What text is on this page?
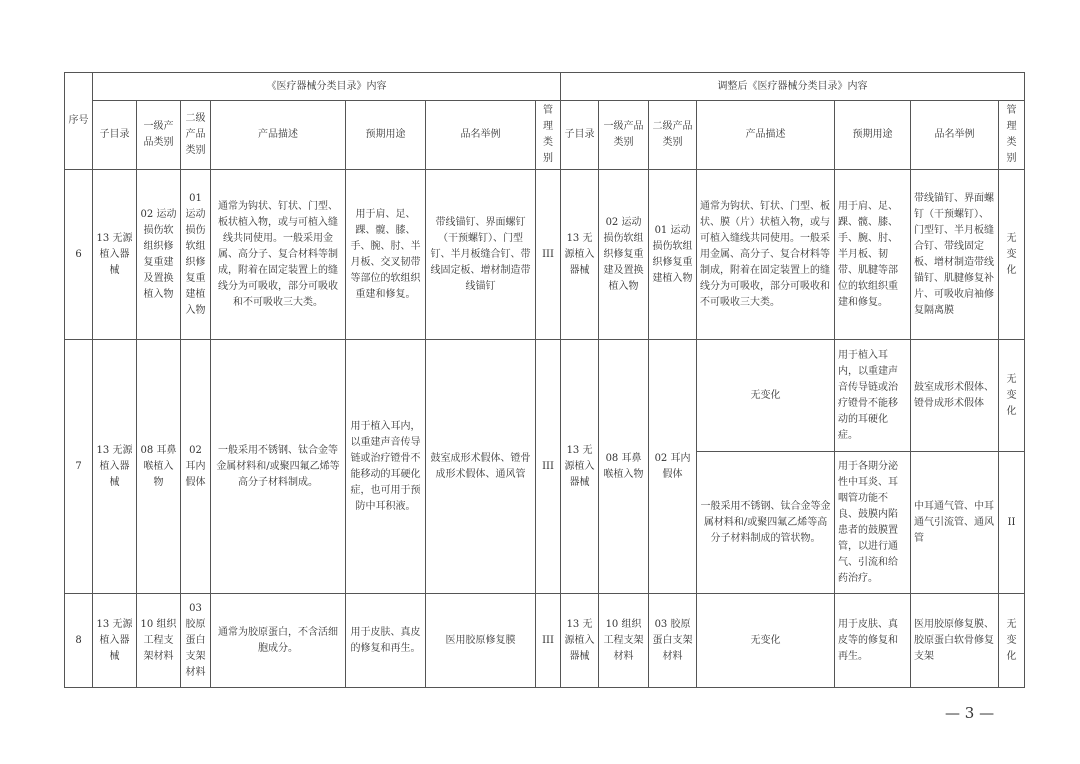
序号	《医疗器械分类目录》内容							调整后《医疗器械分类目录》内容						
	子目录	一级产品类别	二级产品类别	产品描述	预期用途	品名举例	管理类别	子目录	一级产品类别	二级产品类别	产品描述	预期用途	品名举例	管理类别
6	13 无源植入器械	02 运动损伤软组织修复重建及置换植入物	01 运动损伤软组织修复重建植入物	通常为钩状、钉状、门型、板状植入物，或与可植入缝线共同使用。一般采用金属、高分子、复合材料等制成，附着在固定装置上的缝线分为可吸收，部分可吸收和不可吸收三大类。	用于肩、足、踝、髋、膝、手、腕、肘、半月板、交叉韧带等部位的软组织重建和修复。	带线锚钉、界面螺钉（干预螺钉）、门型钉、半月板缝合钉、带线固定板、增材制造带线锚钉	III	13 无源植入器械	02 运动损伤软组织修复重建及置换植入物	01 运动损伤软组织修复重建植入物	通常为钩状、钉状、门型、板状、膜（片）状植入物，或与可植入缝线共同使用。一般采用金属、高分子、复合材料等制成，附着在固定装置上的缝线分为可吸收，部分可吸收和不可吸收三大类。	用于肩、足、踝、髋、膝、手、腕、肘、半月板、韧带、肌腱等部位的软组织重建和修复。	带线锚钉、界面螺钉（干预螺钉）、门型钉、半月板缝合钉、带线固定板、增材制造带线锚钉、肌腱修复补片、可吸收肩袖修复隔离膜	无变化
7	13 无源植入器械	08 耳鼻喉植入物	02 耳内假体	一般采用不锈钢、钛合金等金属材料和/或聚四氟乙烯等高分子材料制成。	用于植入耳内，以重建声音传导链或治疗镫骨不能移动的耳硬化症，也可用于预防中耳积液。	鼓室成形术假体、镫骨成形术假体、通风管	III	13 无源植入器械	08 耳鼻喉植入物	02 耳内假体	无变化	用于植入耳内，以重建声音传导链或治疗镫骨不能移动的耳硬化症。	鼓室成形术假体、镫骨成形术假体	无变化
											一般采用不锈钢、钛合金等金属材料和/或聚四氟乙烯等高分子材料制成的管状物。	用于各期分泌性中耳炎、耳咽管功能不良、鼓膜内陷患者的鼓膜置管，以进行通气、引流和给药治疗。	中耳通气管、中耳通气引流管、通风管	II
8	13 无源植入器械	10 组织工程支架材料	03 胶原蛋白支架材料	通常为胶原蛋白，不含活细胞成分。	用于皮肤、真皮的修复和再生。	医用胶原修复膜	III	13 无源植入器械	10 组织工程支架材料	03 胶原蛋白支架材料	无变化	用于皮肤、真皮等的修复和再生。	医用胶原修复膜、胶原蛋白软骨修复支架	无变化
— 3 —
